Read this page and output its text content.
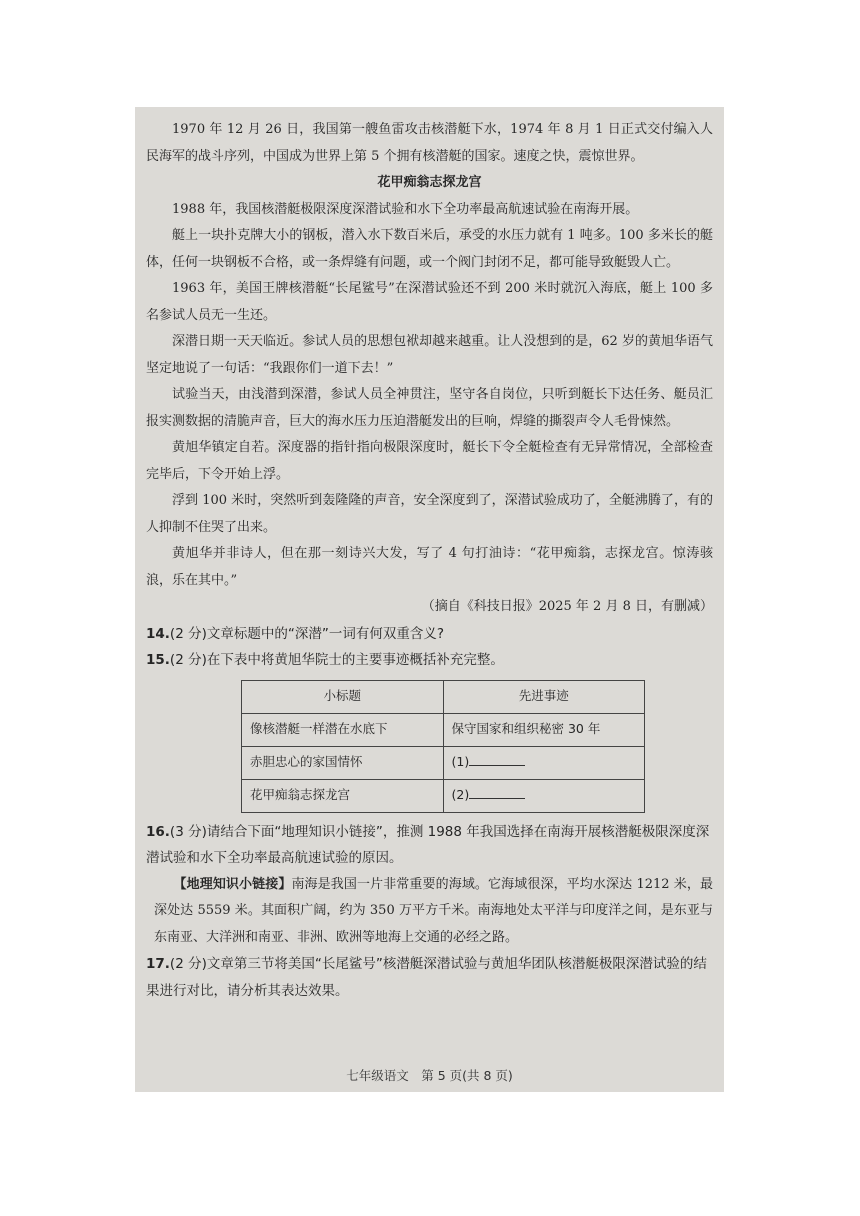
1970 年 12 月 26 日，我国第一艘鱼雷攻击核潜艇下水，1974 年 8 月 1 日正式交付编入人民海军的战斗序列，中国成为世界上第 5 个拥有核潜艇的国家。速度之快，震惊世界。

花甲痴翁志探龙宫

1988 年，我国核潜艇极限深度深潜试验和水下全功率最高航速试验在南海开展。

艇上一块扑克牌大小的钢板，潜入水下数百米后，承受的水压力就有 1 吨多。100 多米长的艇体，任何一块钢板不合格，或一条焊缝有问题，或一个阀门封闭不足，都可能导致艇毁人亡。

1963 年，美国王牌核潜艇“长尾鲨号”在深潜试验还不到 200 米时就沉入海底，艇上 100 多名参试人员无一生还。

深潜日期一天天临近。参试人员的思想包袱却越来越重。让人没想到的是，62 岁的黄旭华语气坚定地说了一句话：“我跟你们一道下去！”

试验当天，由浅潜到深潜，参试人员全神贯注，坚守各自岗位，只听到艇长下达任务、艇员汇报实测数据的清脆声音，巨大的海水压力压迫潜艇发出的巨响，焊缝的撕裂声令人毛骨悚然。

黄旭华镇定自若。深度器的指针指向极限深度时，艇长下令全艇检查有无异常情况，全部检查完毕后，下令开始上浮。

浮到 100 米时，突然听到轰隆隆的声音，安全深度到了，深潜试验成功了，全艇沸腾了，有的人抑制不住哭了出来。

黄旭华并非诗人，但在那一刻诗兴大发，写了 4 句打油诗：“花甲痴翁，志探龙宫。惊涛骇浪，乐在其中。”

（摘自《科技日报》2025 年 2 月 8 日，有删减）

14.(2 分)文章标题中的“深潜”一词有何双重含义?

15.(2 分)在下表中将黄旭华院士的主要事迹概括补充完整。

小标题	先进事迹
像核潜艇一样潜在水底下	保守国家和组织秘密 30 年
赤胆忠心的家国情怀	(1)
花甲痴翁志探龙宫	(2)

16.(3 分)请结合下面“地理知识小链接”，推测 1988 年我国选择在南海开展核潜艇极限深度深潜试验和水下全功率最高航速试验的原因。

【地理知识小链接】南海是我国一片非常重要的海域。它海域很深，平均水深达 1212 米，最深处达 5559 米。其面积广阔，约为 350 万平方千米。南海地处太平洋与印度洋之间，是东亚与东南亚、大洋洲和南亚、非洲、欧洲等地海上交通的必经之路。

17.(2 分)文章第三节将美国“长尾鲨号”核潜艇深潜试验与黄旭华团队核潜艇极限深潜试验的结果进行对比，请分析其表达效果。

七年级语文　第 5 页(共 8 页)
